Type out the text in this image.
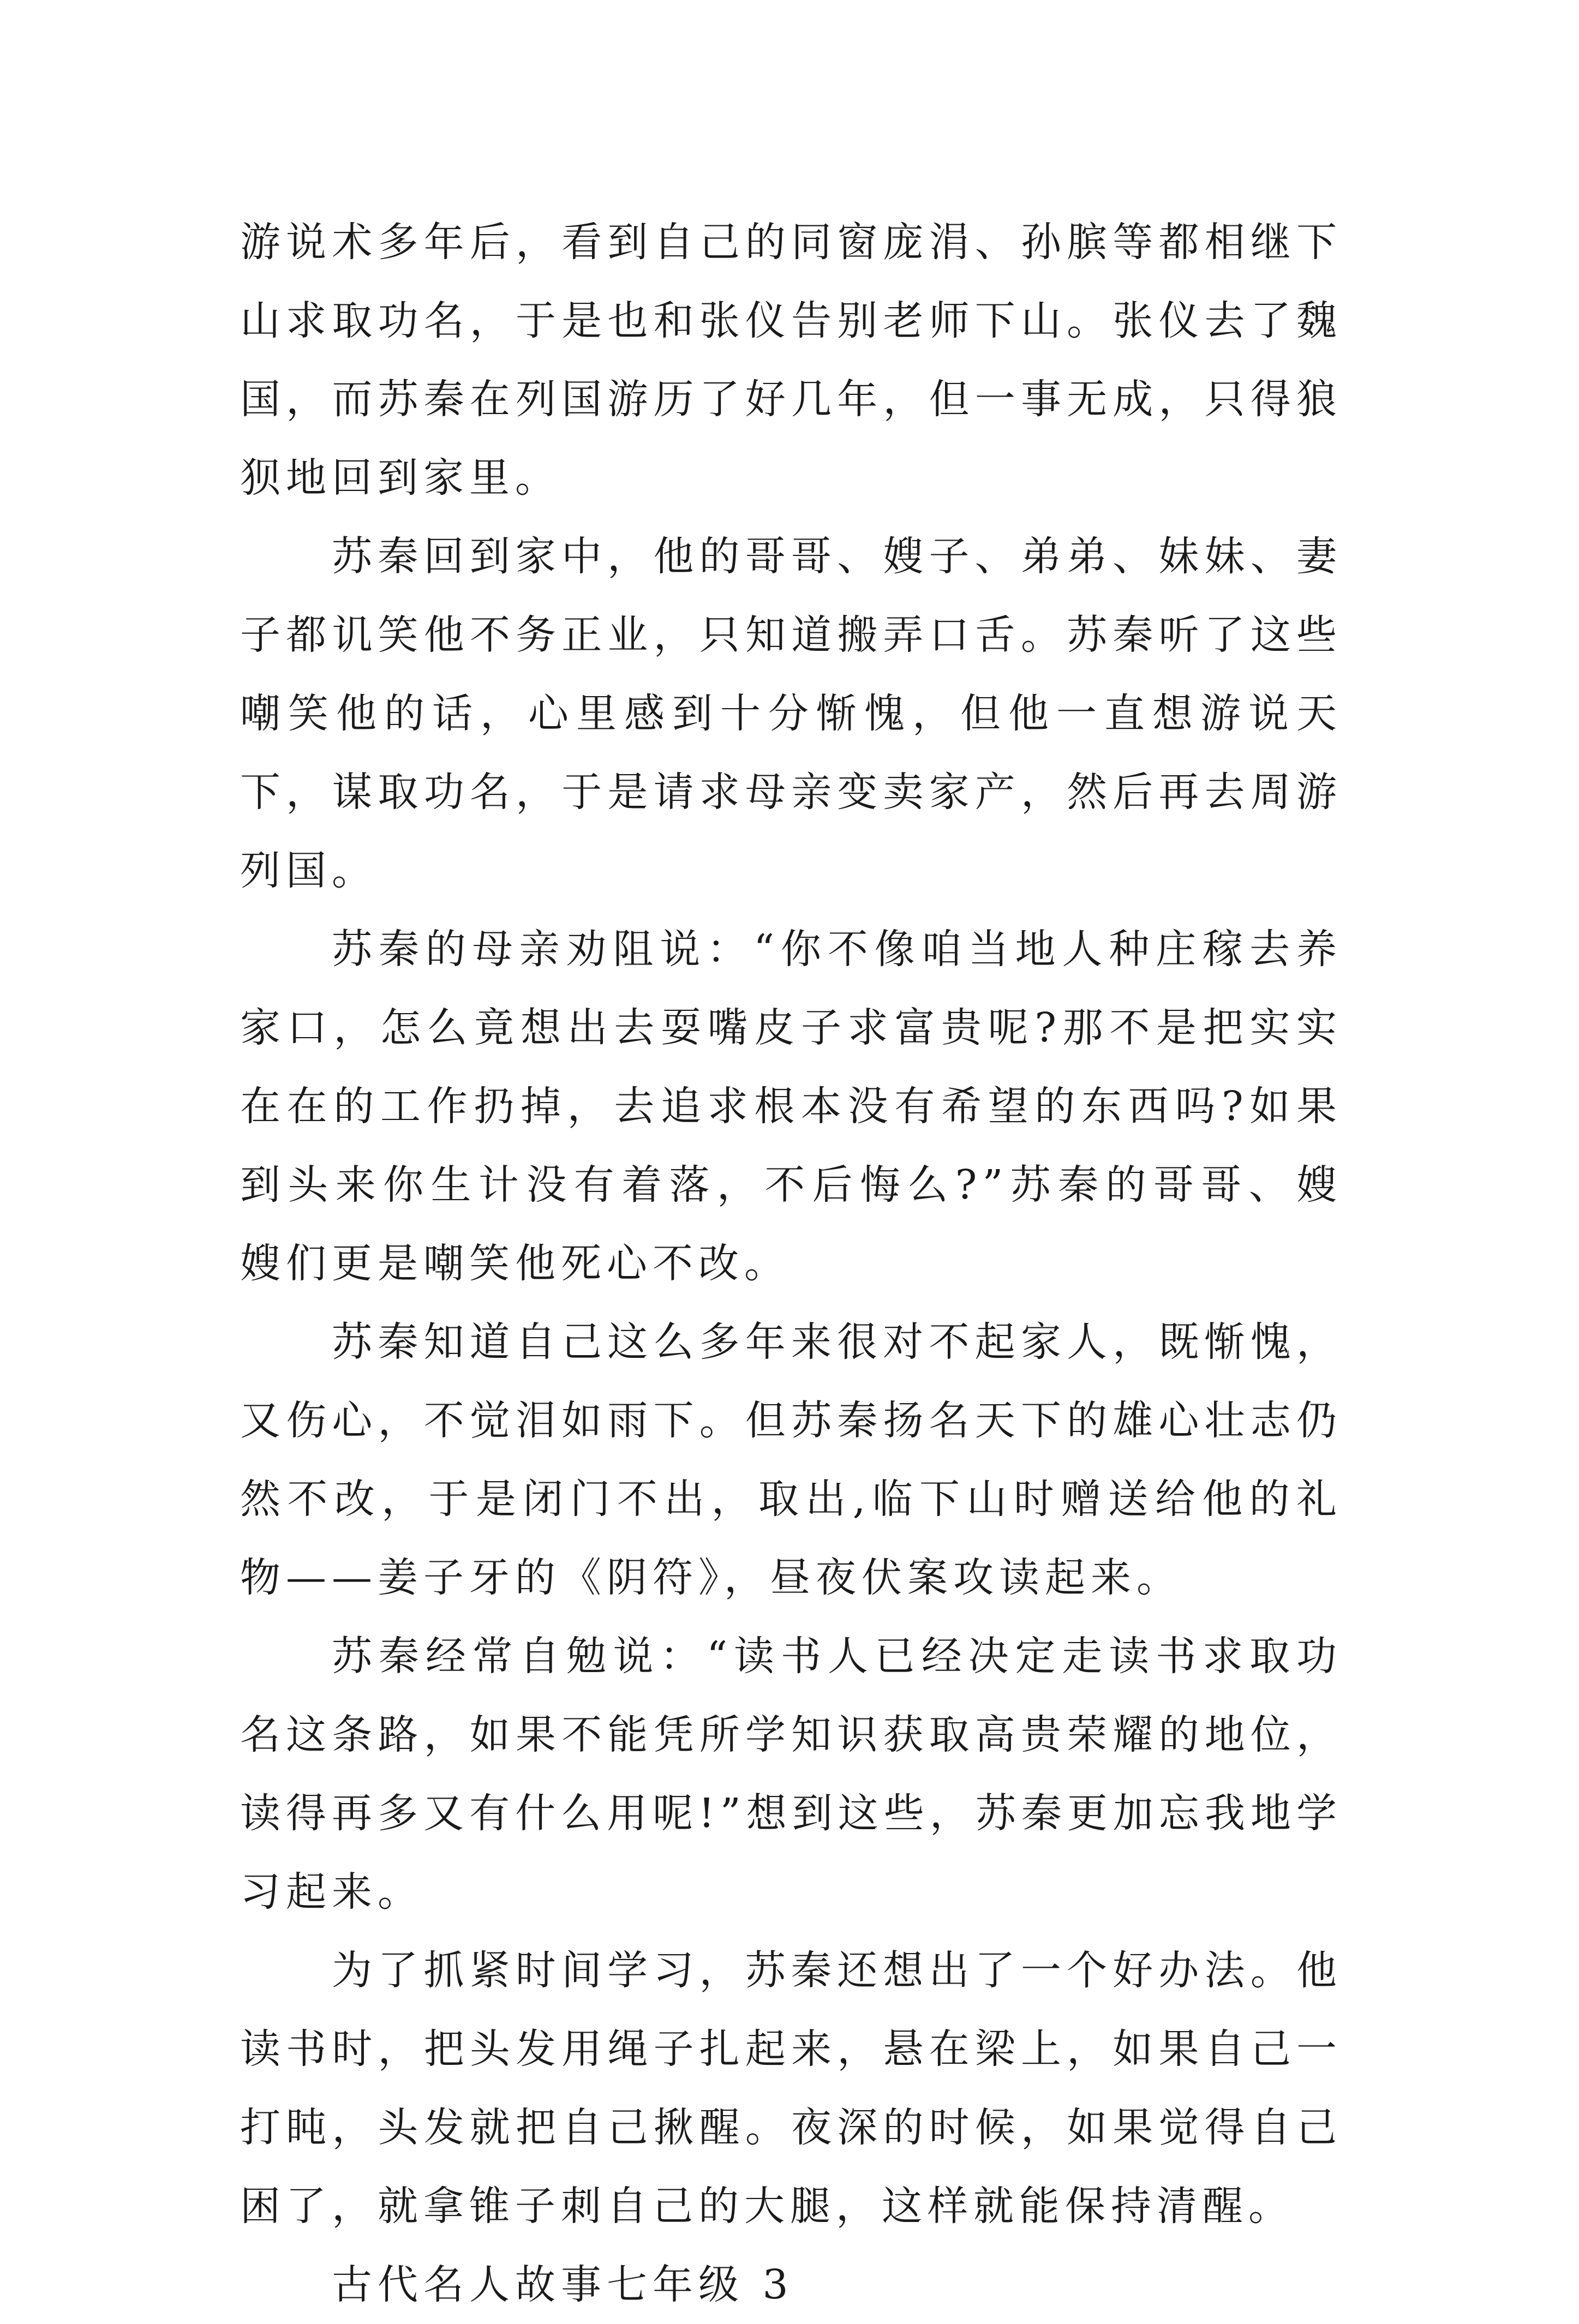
游说术多年后，看到自己的同窗庞涓、孙膑等都相继下山求取功名，于是也和张仪告别老师下山。张仪去了魏国，而苏秦在列国游历了好几年，但一事无成，只得狼狈地回到家里。

苏秦回到家中，他的哥哥、嫂子、弟弟、妹妹、妻子都讥笑他不务正业，只知道搬弄口舌。苏秦听了这些嘲笑他的话，心里感到十分惭愧，但他一直想游说天下，谋取功名，于是请求母亲变卖家产，然后再去周游列国。

苏秦的母亲劝阻说：“你不像咱当地人种庄稼去养家口，怎么竟想出去耍嘴皮子求富贵呢?那不是把实实在在的工作扔掉，去追求根本没有希望的东西吗?如果到头来你生计没有着落，不后悔么?”苏秦的哥哥、嫂嫂们更是嘲笑他死心不改。

苏秦知道自己这么多年来很对不起家人，既惭愧，又伤心，不觉泪如雨下。但苏秦扬名天下的雄心壮志仍然不改，于是闭门不出，取出,临下山时赠送给他的礼物——姜子牙的《阴符》，昼夜伏案攻读起来。

苏秦经常自勉说：“读书人已经决定走读书求取功名这条路，如果不能凭所学知识获取高贵荣耀的地位，读得再多又有什么用呢!”想到这些，苏秦更加忘我地学习起来。

为了抓紧时间学习，苏秦还想出了一个好办法。他读书时，把头发用绳子扎起来，悬在梁上，如果自己一打盹，头发就把自己揪醒。夜深的时候，如果觉得自己困了，就拿锥子刺自己的大腿，这样就能保持清醒。

古代名人故事七年级 3
